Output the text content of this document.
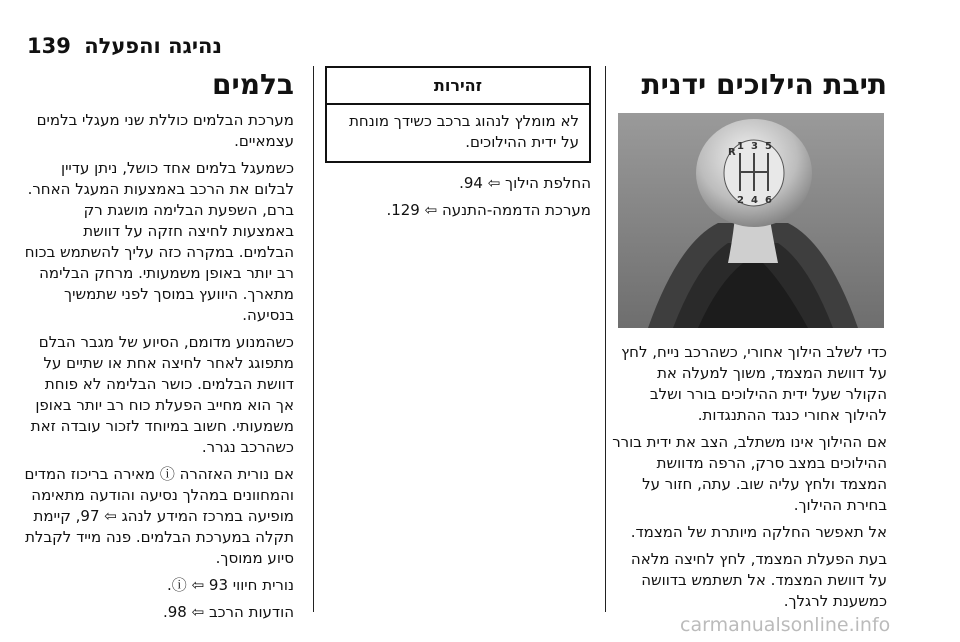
139 נהיגה והפעלה
תיבת הילוכים ידנית
R
1 3 5
2 4 6

כדי לשלב הילוך אחורי, כשהרכב נייח, לחץ על דוושת המצמד, משוך למעלה את הקולר שעל ידית ההילוכים בורר ושלב להילוך אחורי כנגד ההתנגדות.

אם ההילוך אינו משתלב, הצב את ידית בורר ההילוכים במצב סרק, הרפה מדוושת המצמד ולחץ עליה שוב. עתה, חזור על בחירת ההילוך.

אל תאפשר החלקה מיותרת של המצמד.

בעת הפעלת המצמד, לחץ לחיצה מלאה על דוושת המצמד. אל תשתמש בדוושה כמשענת לרגלך.

זהירות
לא מומלץ לנהוג ברכב כשידך מונחת על ידית ההילוכים.

החלפת הילוך ⇦ 94.

מערכת הדממה-התנעה ⇦ 129.

בלמים

מערכת הבלמים כוללת שני מעגלי בלמים עצמאיים.

כשמעגל בלמים אחד כושל, ניתן עדיין לבלום את הרכב באמצעות המעגל האחר. ברם, השפעת הבלימה מושגת רק באמצעות לחיצה חזקה על דוושת הבלמים. במקרה כזה עליך להשתמש בכוח רב יותר באופן משמעותי. מרחק הבלימה מתארך. היוועץ במוסך לפני שתמשיך בנסיעה.

כשהמנוע מדומם, הסיוע של מגבר הבלם מתפוגג לאחר לחיצה אחת או שתיים על דוושת הבלמים. כושר הבלימה לא פוחת אך הוא מחייב הפעלת כוח רב יותר באופן משמעותי. חשוב במיוחד לזכור עובדה זאת כשהרכב נגרר.

אם נורית האזהרה ⓘ מאירה בריכוז המדים והמחוונים במהלך נסיעה והודעה מתאימה מופיעה במרכז המידע לנהג ⇦ 97, קיימת תקלה במערכת הבלמים. פנה מייד לקבלת סיוע ממוסך.

נורית חיווי ⓘ ⇦ 93.

הודעות הרכב ⇦ 98.

carmanualsonline.info
